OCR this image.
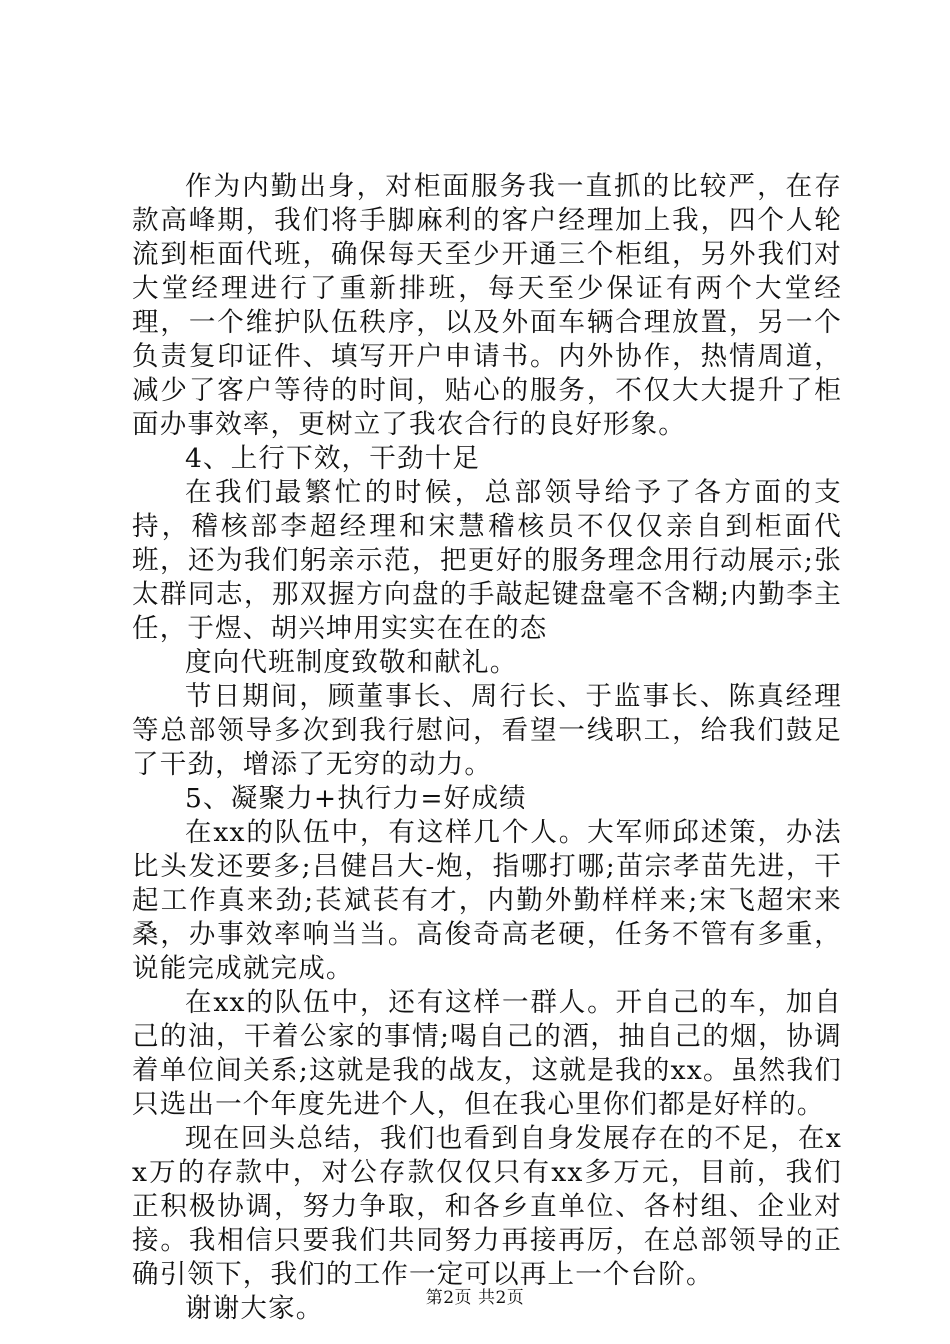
作为内勤出身，对柜面服务我一直抓的比较严，在存款高峰期，我们将手脚麻利的客户经理加上我，四个人轮流到柜面代班，确保每天至少开通三个柜组，另外我们对大堂经理进行了重新排班，每天至少保证有两个大堂经理，一个维护队伍秩序，以及外面车辆合理放置，另一个负责复印证件、填写开户申请书。内外协作，热情周道，减少了客户等待的时间，贴心的服务，不仅大大提升了柜面办事效率，更树立了我农合行的良好形象。

4、上行下效，干劲十足

在我们最繁忙的时候，总部领导给予了各方面的支持，稽核部李超经理和宋慧稽核员不仅仅亲自到柜面代班，还为我们躬亲示范，把更好的服务理念用行动展示;张太群同志，那双握方向盘的手敲起键盘毫不含糊;内勤李主任，于煜、胡兴坤用实实在在的态

度向代班制度致敬和献礼。

节日期间，顾董事长、周行长、于监事长、陈真经理等总部领导多次到我行慰问，看望一线职工，给我们鼓足了干劲，增添了无穷的动力。

5、凝聚力+执行力=好成绩

在xx的队伍中，有这样几个人。大军师邱述策，办法比头发还要多;吕健吕大-炮，指哪打哪;苗宗孝苗先进，干起工作真来劲;苌斌苌有才，内勤外勤样样来;宋飞超宋来桑，办事效率响当当。高俊奇高老硬，任务不管有多重，说能完成就完成。

在xx的队伍中，还有这样一群人。开自己的车，加自己的油，干着公家的事情;喝自己的酒，抽自己的烟，协调着单位间关系;这就是我的战友，这就是我的xx。虽然我们只选出一个年度先进个人，但在我心里你们都是好样的。

现在回头总结，我们也看到自身发展存在的不足，在xx万的存款中，对公存款仅仅只有xx多万元，目前，我们正积极协调，努力争取，和各乡直单位、各村组、企业对接。我相信只要我们共同努力再接再厉，在总部领导的正确引领下，我们的工作一定可以再上一个台阶。

谢谢大家。	第2页 共2页
